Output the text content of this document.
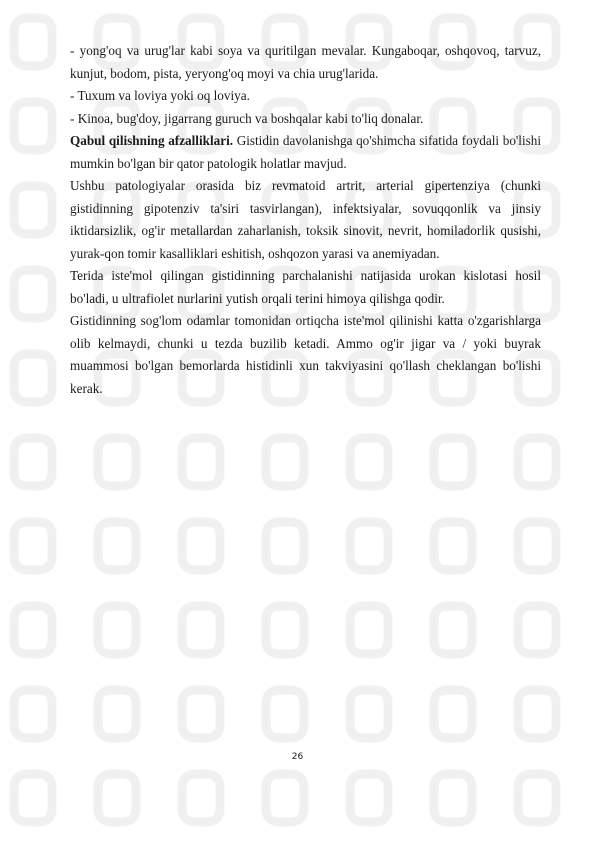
- yong'oq va urug'lar kabi soya va quritilgan mevalar. Kungaboqar, oshqovoq, tarvuz, kunjut, bodom, pista, yeryong'oq moyi va chia urug'larida.

- Tuxum va loviya yoki oq loviya.

- Kinoa, bug'doy, jigarrang guruch va boshqalar kabi to'liq donalar.

Qabul qilishning afzalliklari. Gistidin davolanishga qo'shimcha sifatida foydali bo'lishi mumkin bo'lgan bir qator patologik holatlar mavjud.

Ushbu patologiyalar orasida biz revmatoid artrit, arterial gipertenziya (chunki gistidinning gipotenziv ta'siri tasvirlangan), infektsiyalar, sovuqqonlik va jinsiy iktidarsizlik, og'ir metallardan zaharlanish, toksik sinovit, nevrit, homiladorlik qusishi, yurak-qon tomir kasalliklari eshitish, oshqozon yarasi va anemiyadan.

Terida iste'mol qilingan gistidinning parchalanishi natijasida urokan kislotasi hosil bo'ladi, u ultrafiolet nurlarini yutish orqali terini himoya qilishga qodir.

Gistidinning sog'lom odamlar tomonidan ortiqcha iste'mol qilinishi katta o'zgarishlarga olib kelmaydi, chunki u tezda buzilib ketadi. Ammo og'ir jigar va / yoki buyrak muammosi bo'lgan bemorlarda histidinli xun takviyasini qo'llash cheklangan bo'lishi kerak.

26
